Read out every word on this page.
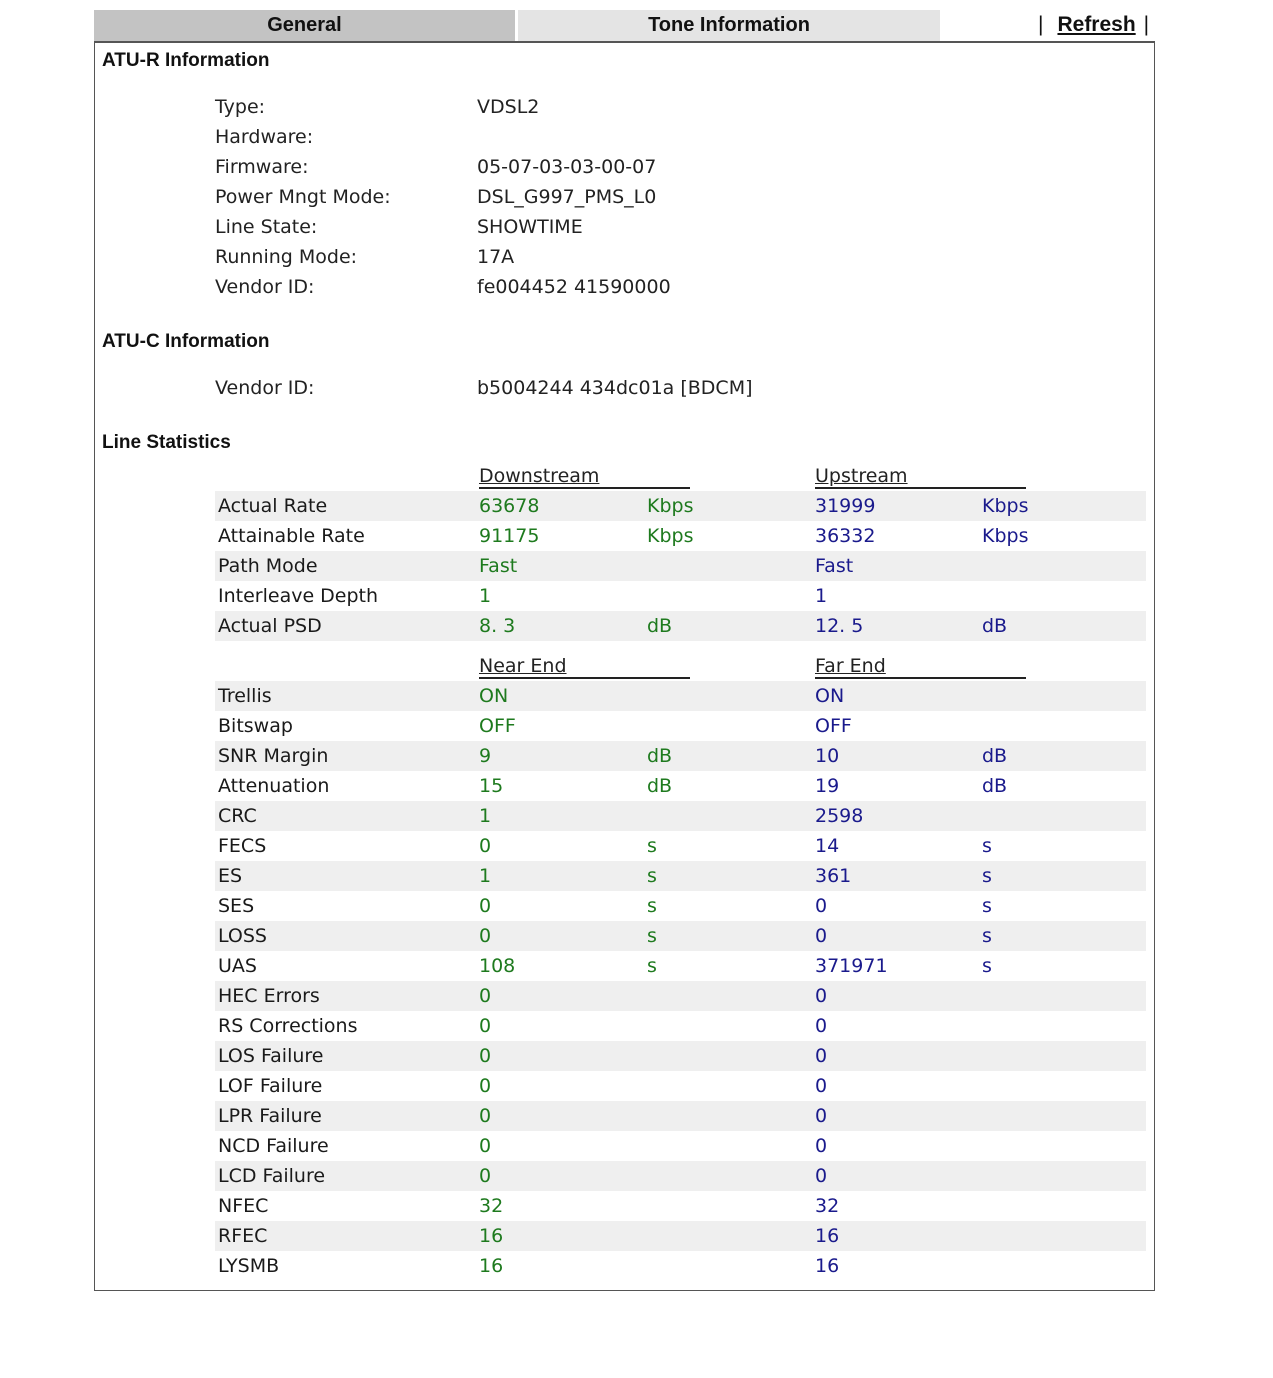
General	Tone Information	| Refresh |
ATU-R Information
Type:	VDSL2
Hardware:
Firmware:	05-07-03-03-00-07
Power Mngt Mode:	DSL_G997_PMS_L0
Line State:	SHOWTIME
Running Mode:	17A
Vendor ID:	fe004452 41590000
ATU-C Information
Vendor ID:	b5004244 434dc01a [BDCM]
Line Statistics
Downstream	Upstream
Actual Rate	63678	Kbps	31999	Kbps
Attainable Rate	91175	Kbps	36332	Kbps
Path Mode	Fast	Fast
Interleave Depth	1	1
Actual PSD	8. 3	dB	12. 5	dB
Near End	Far End
Trellis	ON	ON
Bitswap	OFF	OFF
SNR Margin	9	dB	10	dB
Attenuation	15	dB	19	dB
CRC	1	2598
FECS	0	s	14	s
ES	1	s	361	s
SES	0	s	0	s
LOSS	0	s	0	s
UAS	108	s	371971	s
HEC Errors	0	0
RS Corrections	0	0
LOS Failure	0	0
LOF Failure	0	0
LPR Failure	0	0
NCD Failure	0	0
LCD Failure	0	0
NFEC	32	32
RFEC	16	16
LYSMB	16	16
